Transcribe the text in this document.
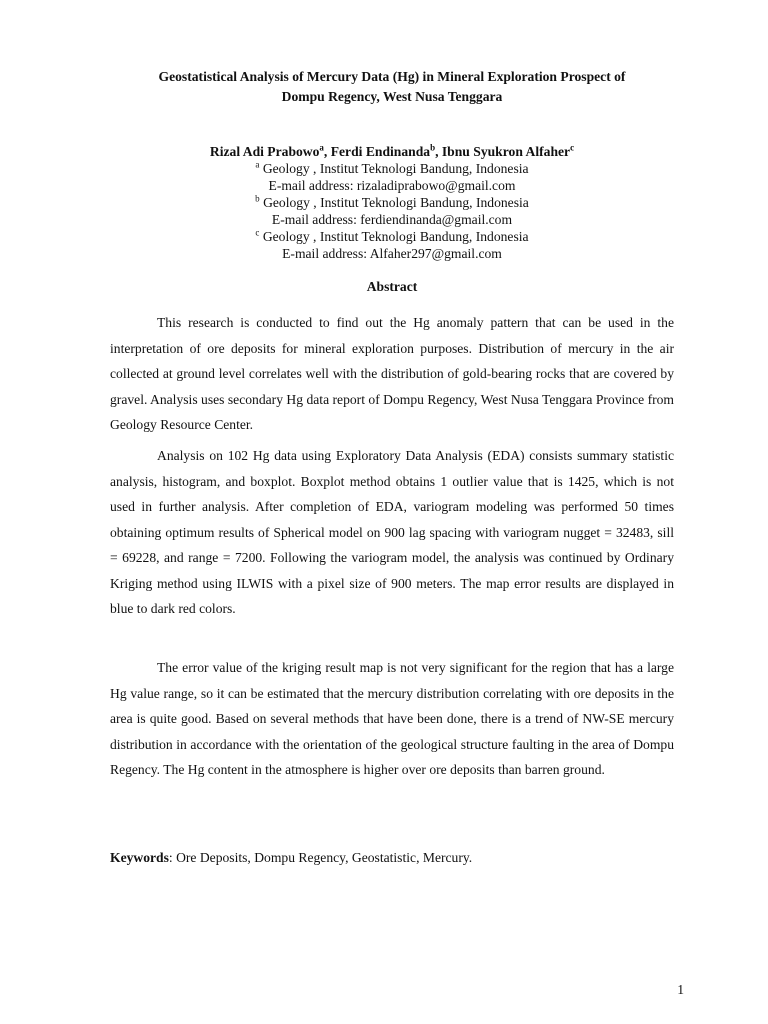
Geostatistical Analysis of Mercury Data (Hg) in Mineral Exploration Prospect of
Dompu Regency, West Nusa Tenggara
Rizal Adi Prabowo$^a$, Ferdi Endinanda$^b$, Ibnu Syukron Alfaher$^c$
$^a$ Geology , Institut Teknologi Bandung, Indonesia
E-mail address: rizaladiprabowo@gmail.com
$^b$ Geology , Institut Teknologi Bandung, Indonesia
E-mail address: ferdiendinanda@gmail.com
$^c$ Geology , Institut Teknologi Bandung, Indonesia
E-mail address: Alfaher297@gmail.com
Abstract

This research is conducted to find out the Hg anomaly pattern that can be used in the interpretation of ore deposits for mineral exploration purposes. Distribution of mercury in the air collected at ground level correlates well with the distribution of gold-bearing rocks that are covered by gravel. Analysis uses secondary Hg data report of Dompu Regency, West Nusa Tenggara Province from Geology Resource Center.

Analysis on 102 Hg data using Exploratory Data Analysis (EDA) consists summary statistic analysis, histogram, and boxplot. Boxplot method obtains 1 outlier value that is 1425, which is not used in further analysis. After completion of EDA, variogram modeling was performed 50 times obtaining optimum results of Spherical model on 900 lag spacing with variogram nugget = 32483, sill = 69228, and range = 7200. Following the variogram model, the analysis was continued by Ordinary Kriging method using ILWIS with a pixel size of 900 meters. The map error results are displayed in blue to dark red colors.

The error value of the kriging result map is not very significant for the region that has a large Hg value range, so it can be estimated that the mercury distribution correlating with ore deposits in the area is quite good. Based on several methods that have been done, there is a trend of NW-SE mercury distribution in accordance with the orientation of the geological structure faulting in the area of Dompu Regency. The Hg content in the atmosphere is higher over ore deposits than barren ground.

Keywords: Ore Deposits, Dompu Regency, Geostatistic, Mercury.
1
